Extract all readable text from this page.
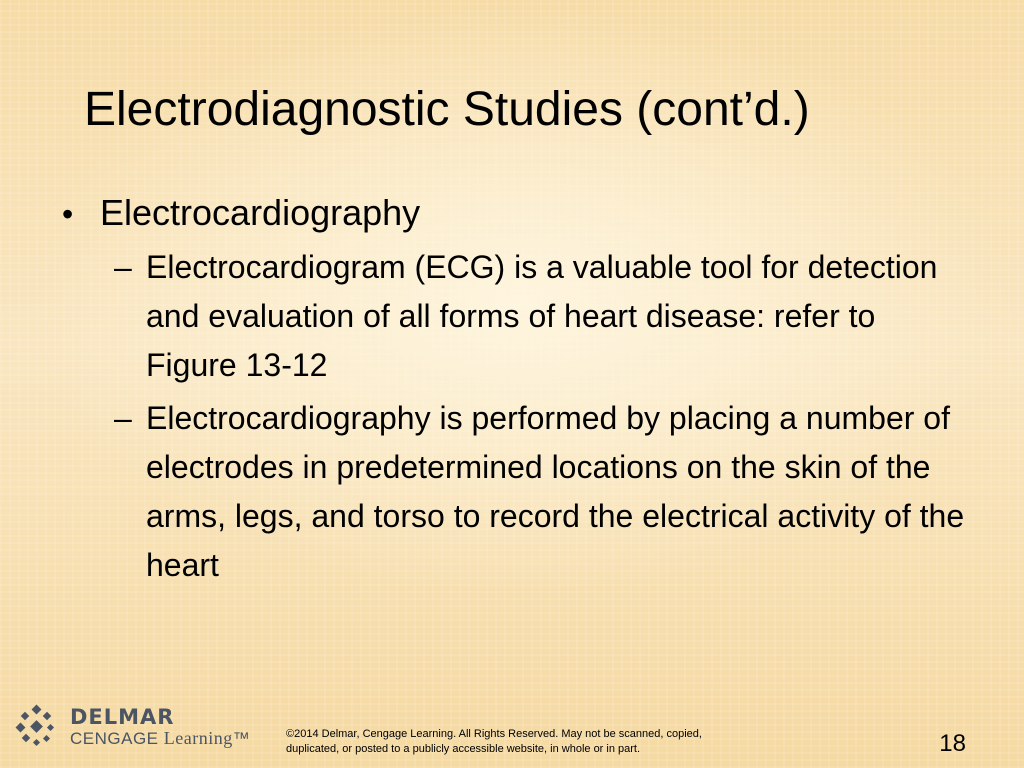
Electrodiagnostic Studies (cont’d.)
• Electrocardiography
– Electrocardiogram (ECG) is a valuable tool for detection and evaluation of all forms of heart disease: refer to Figure 13-12
– Electrocardiography is performed by placing a number of electrodes in predetermined locations on the skin of the arms, legs, and torso to record the electrical activity of the heart
DELMAR
CENGAGE Learning™	©2014 Delmar, Cengage Learning. All Rights Reserved. May not be scanned, copied,
duplicated, or posted to a publicly accessible website, in whole or in part.	18
